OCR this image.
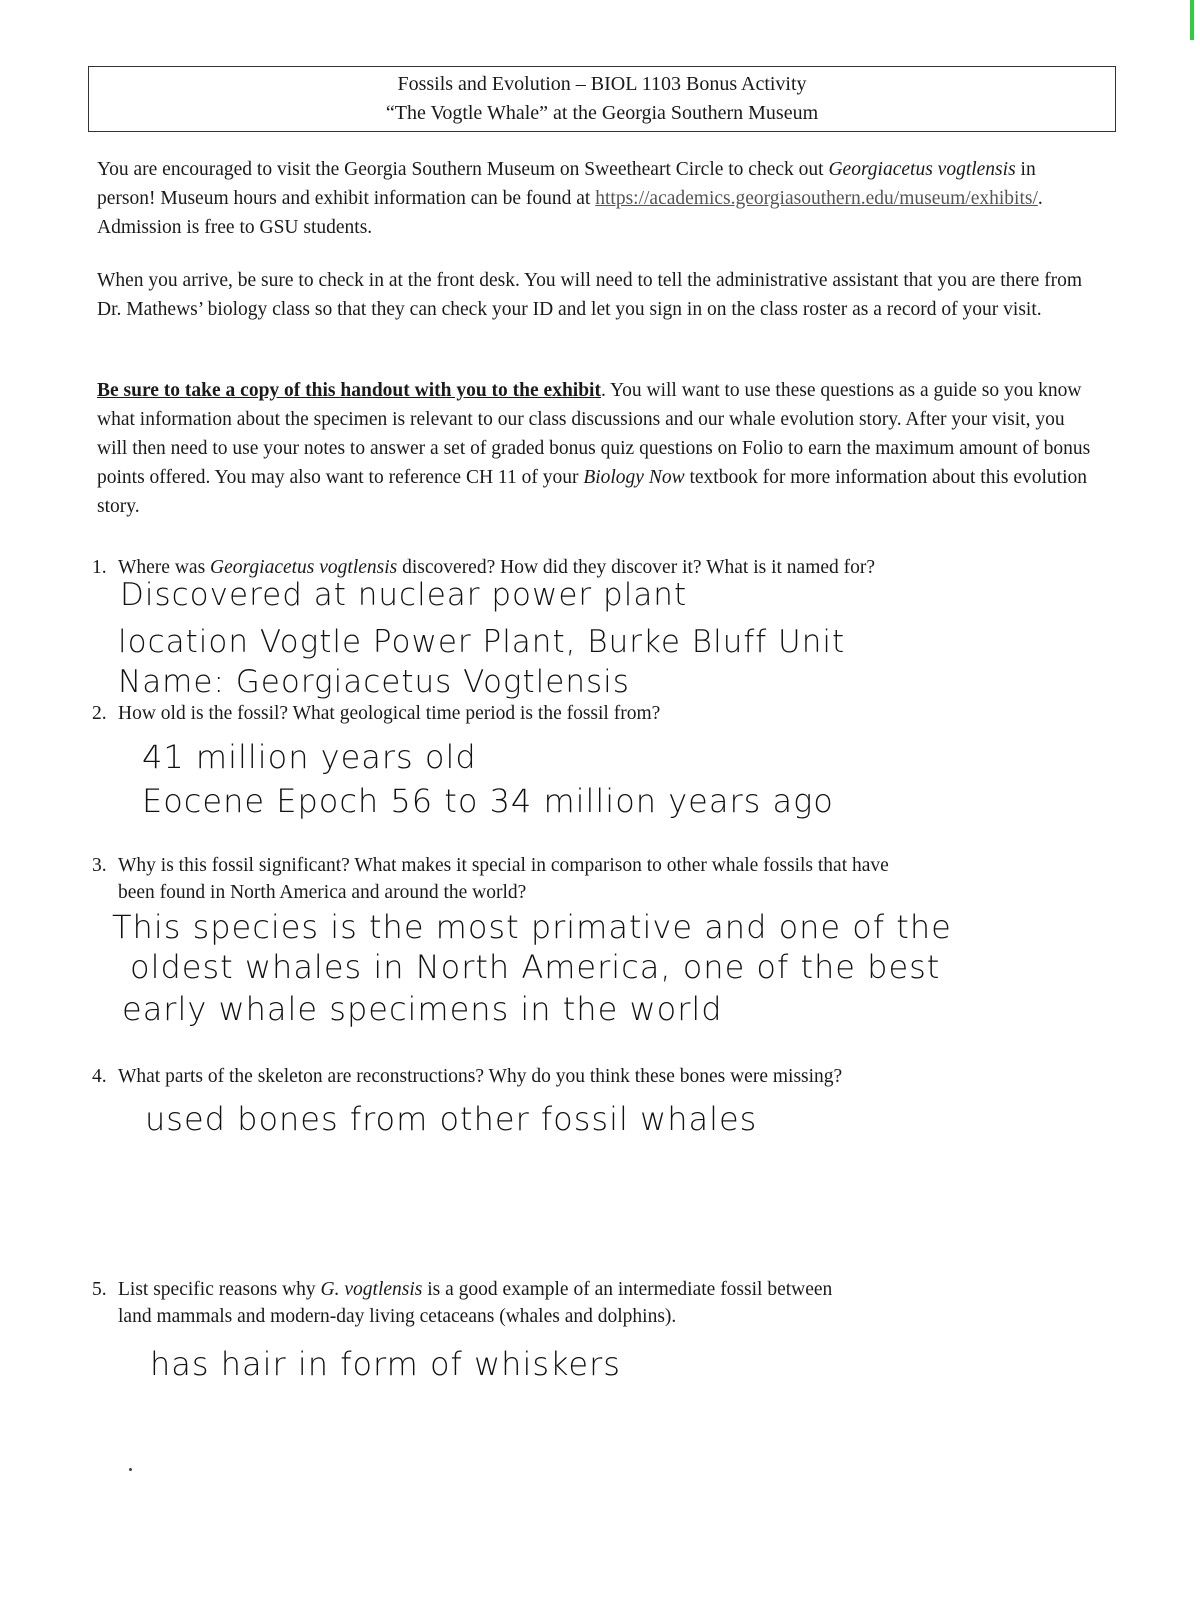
Fossils and Evolution – BIOL 1103 Bonus Activity
“The Vogtle Whale” at the Georgia Southern Museum
You are encouraged to visit the Georgia Southern Museum on Sweetheart Circle to check out Georgiacetus vogtlensis in person! Museum hours and exhibit information can be found at https://academics.georgiasouthern.edu/museum/exhibits/. Admission is free to GSU students.
When you arrive, be sure to check in at the front desk. You will need to tell the administrative assistant that you are there from Dr. Mathews’ biology class so that they can check your ID and let you sign in on the class roster as a record of your visit.
Be sure to take a copy of this handout with you to the exhibit. You will want to use these questions as a guide so you know what information about the specimen is relevant to our class discussions and our whale evolution story. After your visit, you will then need to use your notes to answer a set of graded bonus quiz questions on Folio to earn the maximum amount of bonus points offered. You may also want to reference CH 11 of your Biology Now textbook for more information about this evolution story.
1. Where was Georgiacetus vogtlensis discovered? How did they discover it? What is it named for?
Discovered at nuclear power plant
location Vogtle Power Plant, Burke Bluff Unit
Name: Georgiacetus Vogtlensis
2. How old is the fossil? What geological time period is the fossil from?
41 million years old
Eocene Epoch 56 to 34 million years ago
3. Why is this fossil significant? What makes it special in comparison to other whale fossils that have
been found in North America and around the world?
This species is the most primative and one of the
oldest whales in North America, one of the best
early whale specimens in the world
4. What parts of the skeleton are reconstructions? Why do you think these bones were missing?
used bones from other fossil whales
5. List specific reasons why G. vogtlensis is a good example of an intermediate fossil between
land mammals and modern-day living cetaceans (whales and dolphins).
has hair in form of whiskers
